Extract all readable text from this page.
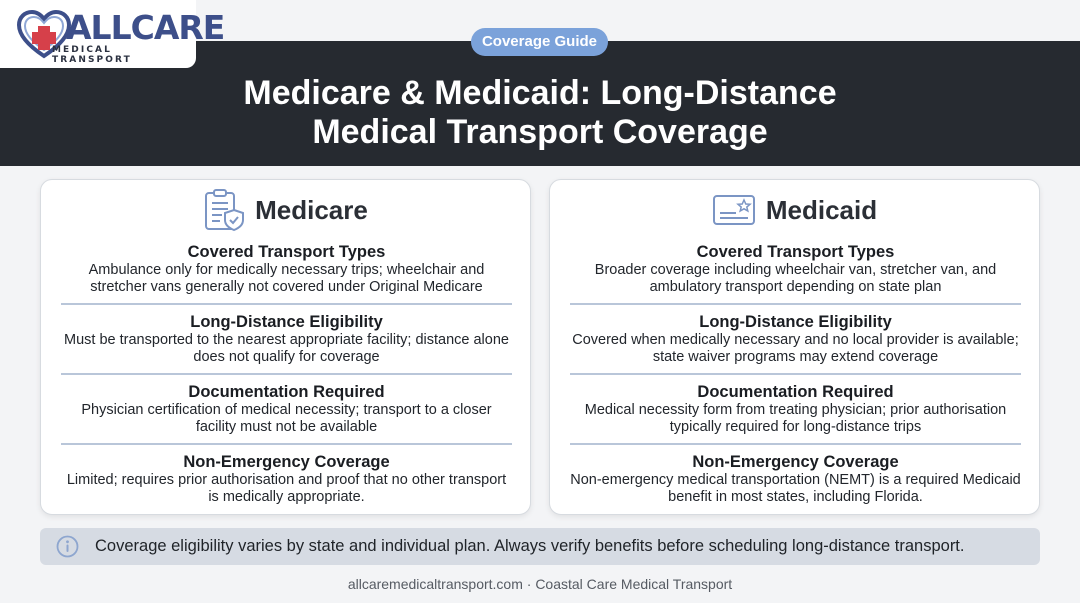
ALLCARE
MEDICAL TRANSPORT
Coverage Guide
Medicare & Medicaid: Long-Distance
Medical Transport Coverage
Medicare
Covered Transport Types

Ambulance only for medically necessary trips; wheelchair and stretcher vans generally not covered under Original Medicare

Long-Distance Eligibility

Must be transported to the nearest appropriate facility; distance alone does not qualify for coverage

Documentation Required

Physician certification of medical necessity; transport to a closer facility must not be available

Non-Emergency Coverage

Limited; requires prior authorisation and proof that no other transport is medically appropriate.

Medicaid
Covered Transport Types

Broader coverage including wheelchair van, stretcher van, and ambulatory transport depending on state plan

Long-Distance Eligibility

Covered when medically necessary and no local provider is available; state waiver programs may extend coverage

Documentation Required

Medical necessity form from treating physician; prior authorisation typically required for long-distance trips

Non-Emergency Coverage

Non-emergency medical transportation (NEMT) is a required Medicaid benefit in most states, including Florida.

Coverage eligibility varies by state and individual plan. Always verify benefits before scheduling long-distance transport.
allcaremedicaltransport.com · Coastal Care Medical Transport
